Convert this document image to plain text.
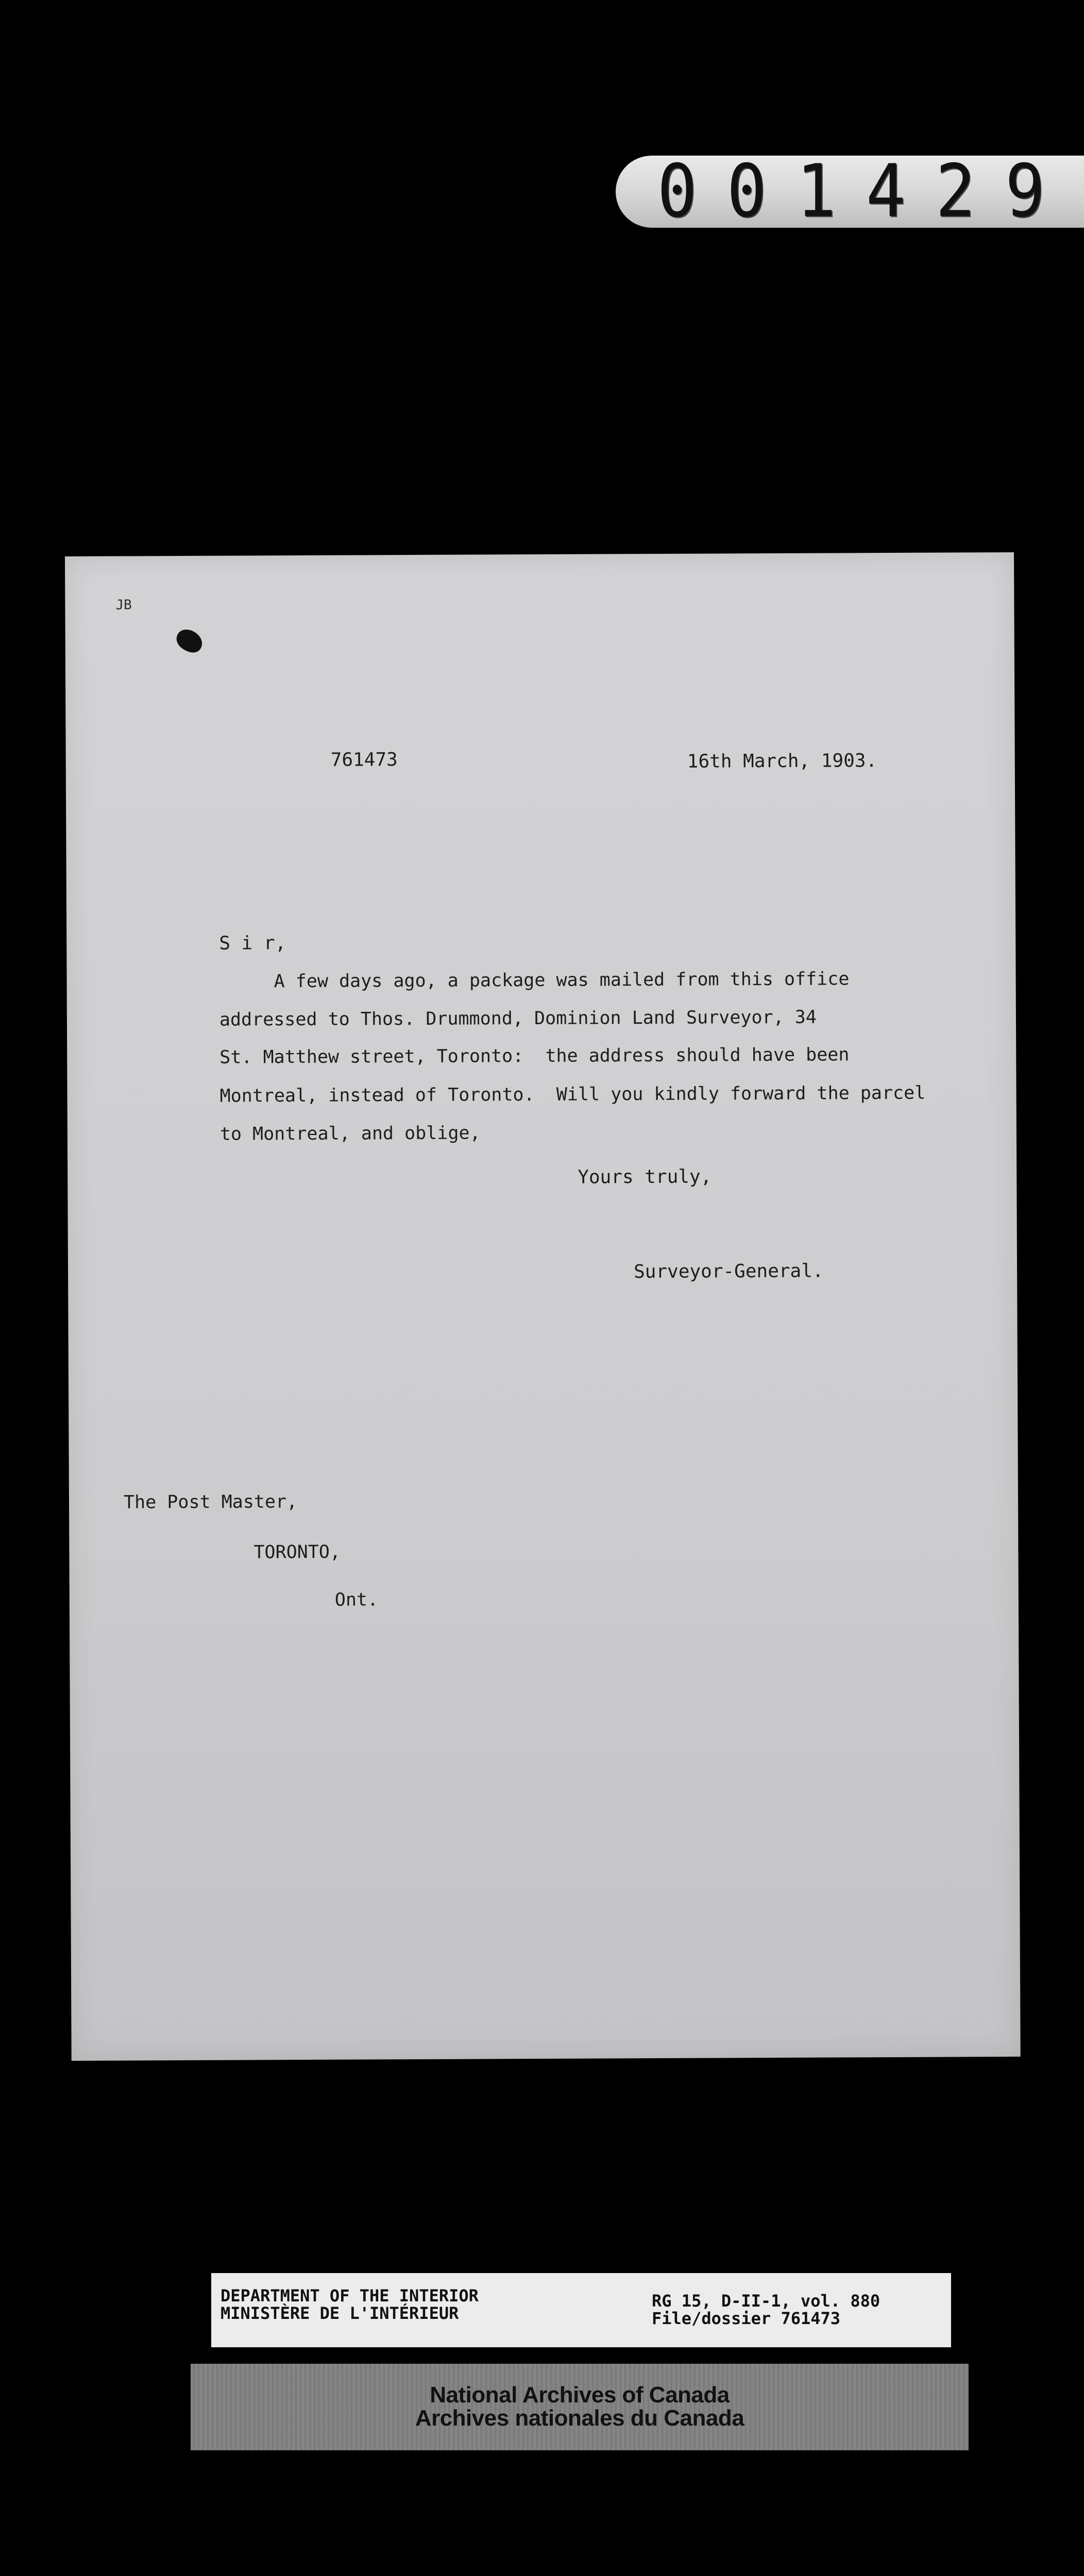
001429
JB
761473	16th March, 1903.
S i r,
A few days ago, a package was mailed from this office
addressed to Thos. Drummond, Dominion Land Surveyor, 34
St. Matthew street, Toronto:  the address should have been
Montreal, instead of Toronto.  Will you kindly forward the parcel
to Montreal, and oblige,
Yours truly,
Surveyor-General.
The Post Master,
TORONTO,
Ont.
DEPARTMENT OF THE INTERIOR
MINISTÈRE DE L'INTÉRIEUR
RG 15, D-II-1, vol. 880
File/dossier 761473
National Archives of Canada
Archives nationales du Canada
